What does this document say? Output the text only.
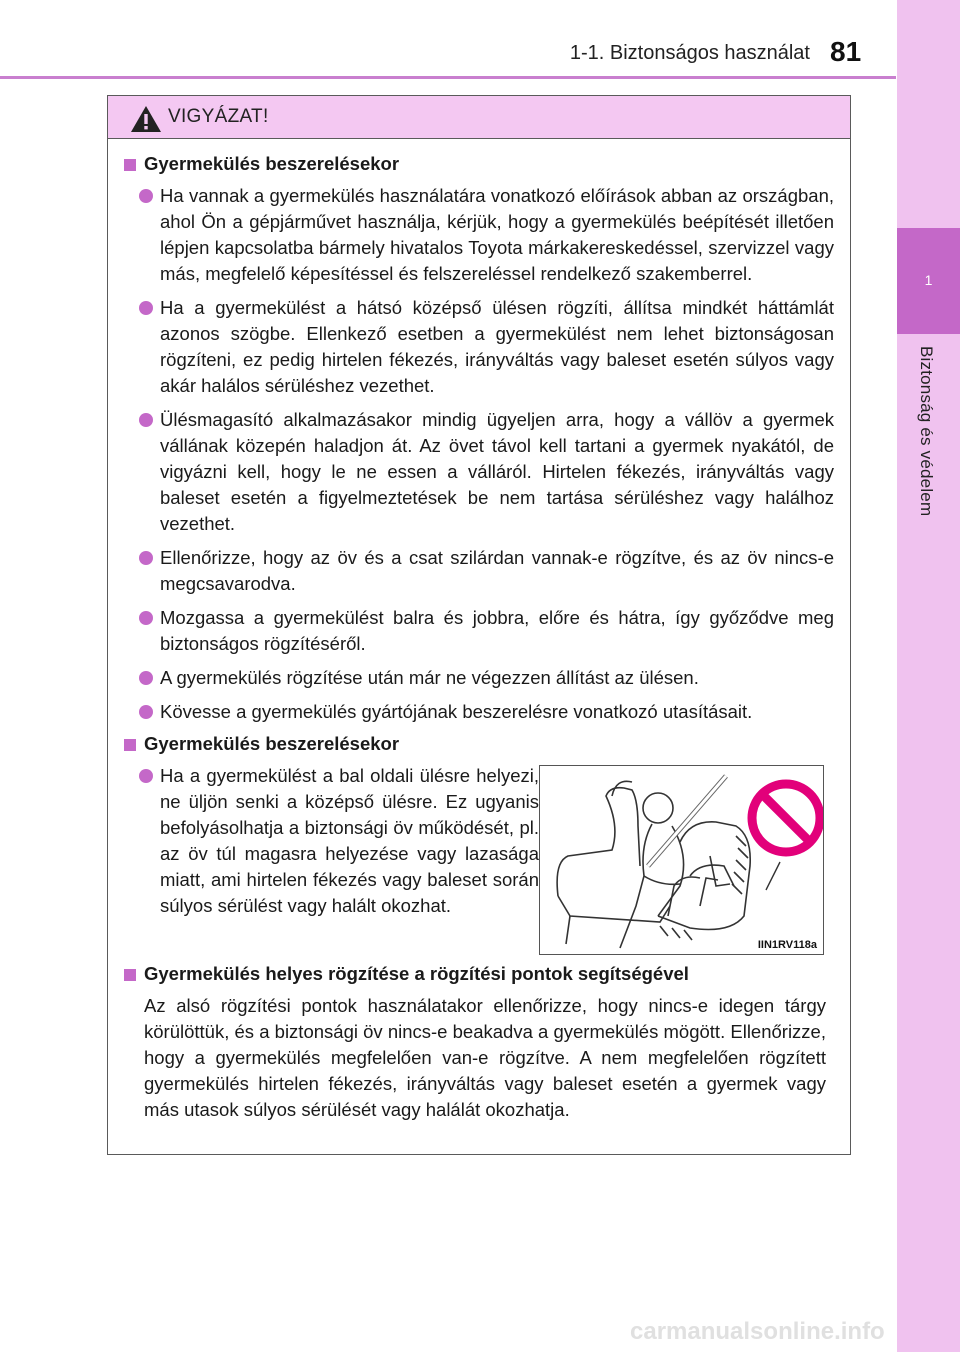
1-1. Biztonságos használat 81
1
Biztonság és védelem
VIGYÁZAT!
Gyermekülés beszerelésekor
Ha vannak a gyermekülés használatára vonatkozó előírások abban az országban, ahol Ön a gépjárművet használja, kérjük, hogy a gyermekülés beépítését illetően lépjen kapcsolatba bármely hivatalos Toyota márkakereskedéssel, szervizzel vagy más, megfelelő képesítéssel és felszereléssel rendelkező szakemberrel.
Ha a gyermekülést a hátsó középső ülésen rögzíti, állítsa mindkét háttámlát azonos szögbe. Ellenkező esetben a gyermekülést nem lehet biztonságosan rögzíteni, ez pedig hirtelen fékezés, irányváltás vagy baleset esetén súlyos vagy akár halálos sérüléshez vezethet.
Ülésmagasító alkalmazásakor mindig ügyeljen arra, hogy a vállöv a gyermek vállának közepén haladjon át. Az övet távol kell tartani a gyermek nyakától, de vigyázni kell, hogy le ne essen a válláról. Hirtelen fékezés, irányváltás vagy baleset esetén a figyelmeztetések be nem tartása sérüléshez vagy halálhoz vezethet.
Ellenőrizze, hogy az öv és a csat szilárdan vannak-e rögzítve, és az öv nincs-e megcsavarodva.
Mozgassa a gyermekülést balra és jobbra, előre és hátra, így győződve meg biztonságos rögzítéséről.
A gyermekülés rögzítése után már ne végezzen állítást az ülésen.
Kövesse a gyermekülés gyártójának beszerelésre vonatkozó utasításait.
Gyermekülés beszerelésekor
Ha a gyermekülést a bal oldali ülésre helyezi, ne üljön senki a középső ülésre. Ez ugyanis befolyásolhatja a biztonsági öv működését, pl. az öv túl magasra helyezése vagy lazasága miatt, ami hirtelen fékezés vagy baleset során súlyos sérülést vagy halált okozhat.
IIN1RV118a
Gyermekülés helyes rögzítése a rögzítési pontok segítségével
Az alsó rögzítési pontok használatakor ellenőrizze, hogy nincs-e idegen tárgy körülöttük, és a biztonsági öv nincs-e beakadva a gyermekülés mögött. Ellenőrizze, hogy a gyermekülés megfelelően van-e rögzítve. A nem megfelelően rögzített gyermekülés hirtelen fékezés, irányváltás vagy baleset esetén a gyermek vagy más utasok súlyos sérülését vagy halálát okozhatja.
carmanualsonline.info
